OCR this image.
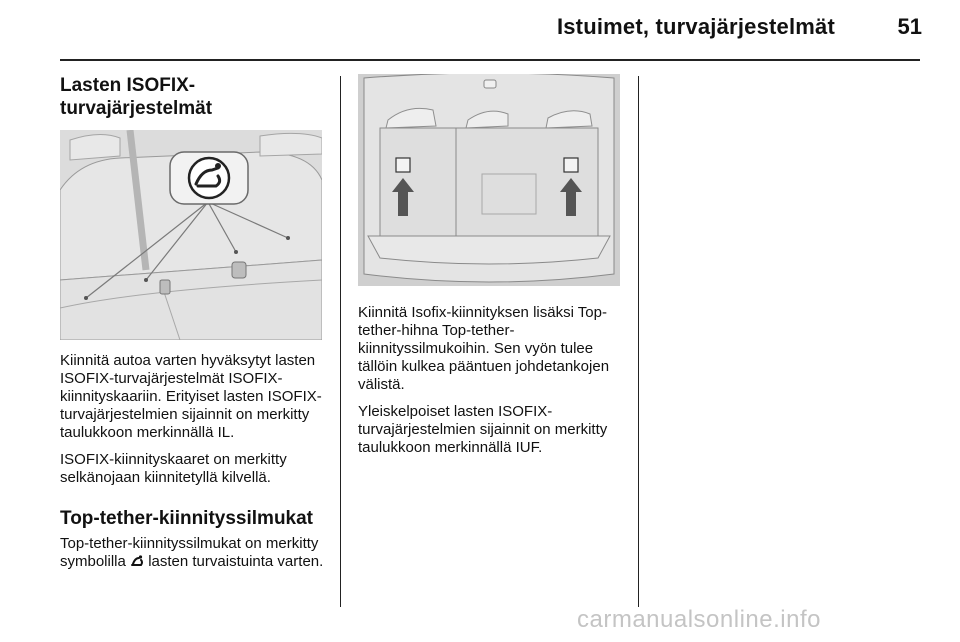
Istuimet, turvajärjestelmät	51
Lasten ISOFIX-turvajärjestelmät

Kiinnitä autoa varten hyväksytyt lasten ISOFIX-turvajärjestelmät ISOFIX-kiinnityskaariin. Erityiset lasten ISOFIX-turvajärjestelmien sijainnit on merkitty taulukkoon merkinnällä IL.

ISOFIX-kiinnityskaaret on merkitty selkänojaan kiinnitetyllä kilvellä.

Top-tether-kiinnityssilmukat

Top-tether-kiinnityssilmukat on merkitty symbolilla  lasten turvaistuinta varten.

Kiinnitä Isofix-kiinnityksen lisäksi Top-tether-hihna Top-tether-kiinnityssilmukoihin. Sen vyön tulee tällöin kulkea pääntuen johdetankojen välistä.

Yleiskelpoiset lasten ISOFIX-turvajärjestelmien sijainnit on merkitty taulukkoon merkinnällä IUF.

carmanualsonline.info
